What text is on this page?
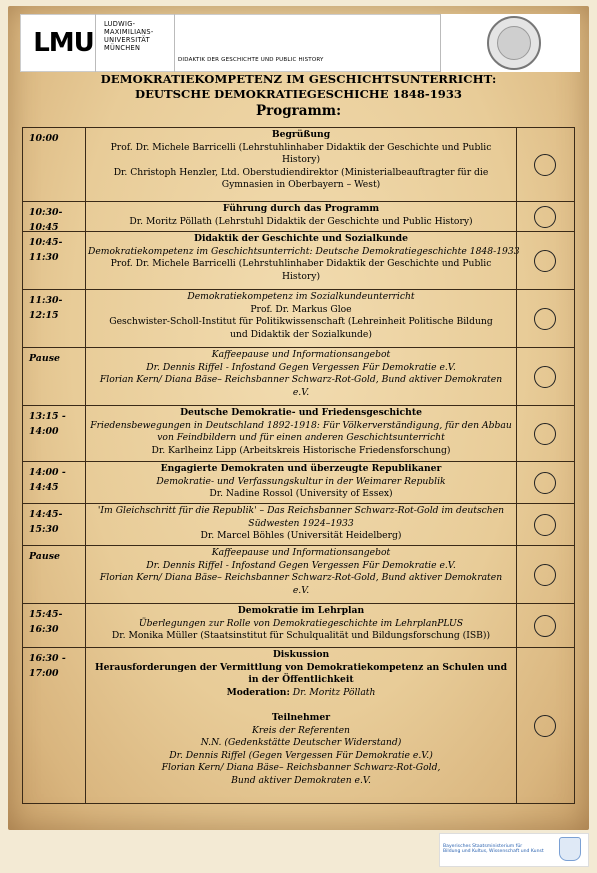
LMU
LUDWIG-
MAXIMILIANS-
UNIVERSITÄT
MÜNCHEN
DIDAKTIK DER GESCHICHTE UND PUBLIC HISTORY
DEMOKRATIEKOMPETENZ IM GESCHICHTSUNTERRICHT:
DEUTSCHE DEMOKRATIEGESCHICHE 1848-1933
Programm:
10:00	Begrüßung
Prof. Dr. Michele Barricelli (Lehrstuhlinhaber Didaktik der Geschichte und Public
History)
Dr. Christoph Henzler, Ltd. Oberstudiendirektor (Ministerialbeauftragter für die
Gymnasien in Oberbayern – West)
10:30-
10:45
Führung durch das Programm
Dr. Moritz Pöllath (Lehrstuhl Didaktik der Geschichte und Public History)
10:45-
11:30
Didaktik der Geschichte und Sozialkunde
Demokratiekompetenz im Geschichtsunterricht: Deutsche Demokratiegeschichte 1848-1933
Prof. Dr. Michele Barricelli (Lehrstuhlinhaber Didaktik der Geschichte und Public
History)
11:30-
12:15
Demokratiekompetenz im Sozialkundeunterricht
Prof. Dr. Markus Gloe
Geschwister-Scholl-Institut für Politikwissenschaft (Lehreinheit Politische Bildung
und Didaktik der Sozialkunde)
Pause	Kaffeepause und Informationsangebot
Dr. Dennis Riffel - Infostand Gegen Vergessen Für Demokratie e.V.
Florian Kern/ Diana Bäse– Reichsbanner Schwarz-Rot-Gold, Bund aktiver Demokraten
e.V.
13:15 -
14:00
Deutsche Demokratie- und Friedensgeschichte
Friedensbewegungen in Deutschland 1892-1918: Für Völkerverständigung, für den Abbau
von Feindbildern und für einen anderen Geschichtsunterricht
Dr. Karlheinz Lipp (Arbeitskreis Historische Friedensforschung)
14:00 -
14:45
Engagierte Demokraten und überzeugte Republikaner
Demokratie- und Verfassungskultur in der Weimarer Republik
Dr. Nadine Rossol (University of Essex)
14:45-
15:30
'Im Gleichschritt für die Republik' – Das Reichsbanner Schwarz-Rot-Gold im deutschen
Südwesten 1924–1933
Dr. Marcel Böhles (Universität Heidelberg)
Pause	Kaffeepause und Informationsangebot
Dr. Dennis Riffel - Infostand Gegen Vergessen Für Demokratie e.V.
Florian Kern/ Diana Bäse– Reichsbanner Schwarz-Rot-Gold, Bund aktiver Demokraten
e.V.
15:45-
16:30
Demokratie im Lehrplan
Überlegungen zur Rolle von Demokratiegeschichte im LehrplanPLUS
Dr. Monika Müller (Staatsinstitut für Schulqualität und Bildungsforschung (ISB))
16:30 -
17:00
Diskussion
Herausforderungen der Vermittlung von Demokratiekompetenz an Schulen und
in der Öffentlichkeit
Moderation: Dr. Moritz Pöllath

Teilnehmer
Kreis der Referenten
N.N. (Gedenkstätte Deutscher Widerstand)
Dr. Dennis Riffel (Gegen Vergessen Für Demokratie e.V.)
Florian Kern/ Diana Bäse– Reichsbanner Schwarz-Rot-Gold,
Bund aktiver Demokraten e.V.
Bayerisches Staatsministerium für
Bildung und Kultus, Wissenschaft und Kunst
